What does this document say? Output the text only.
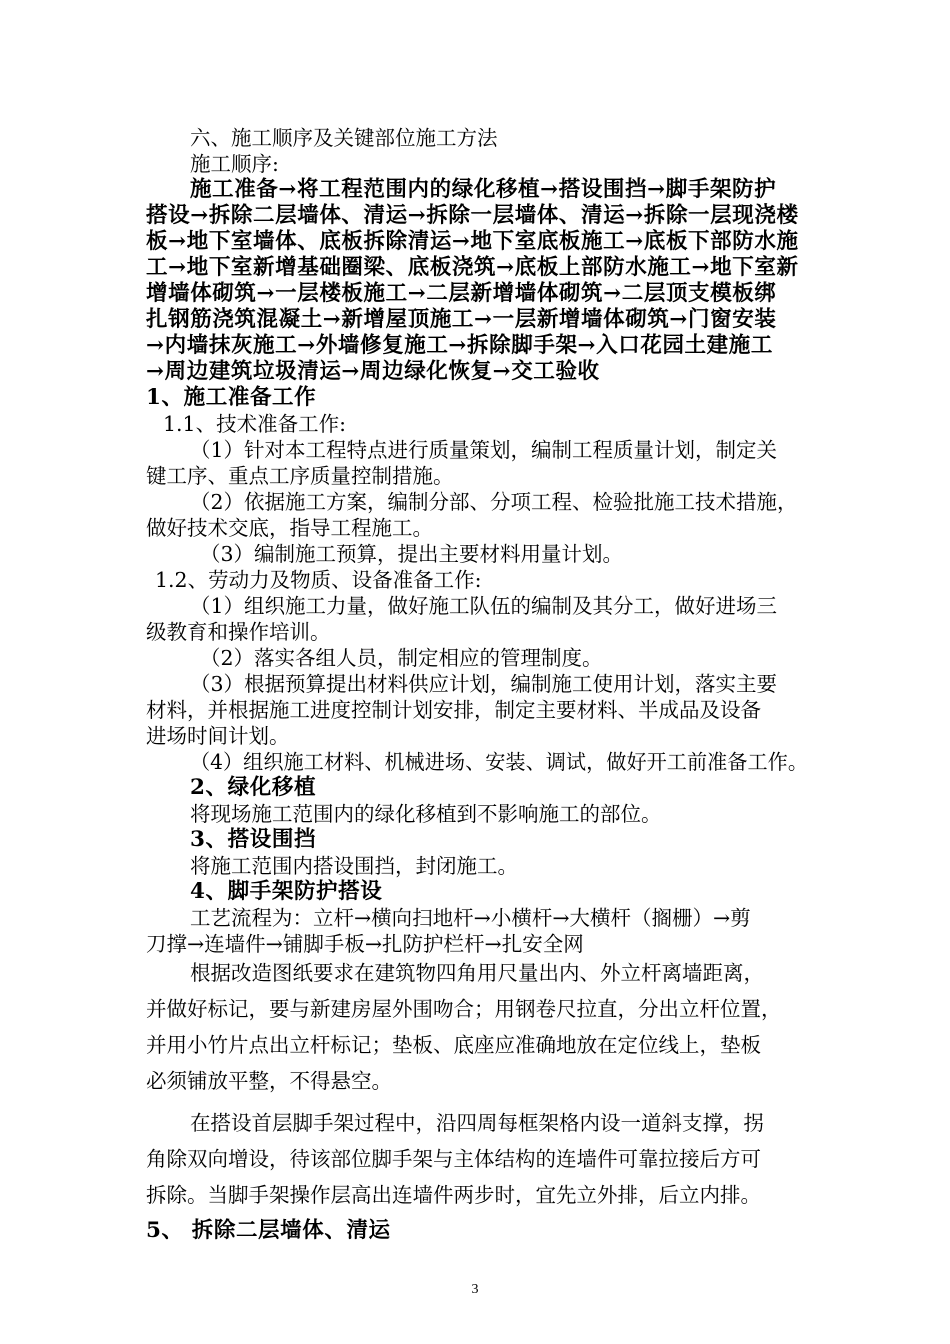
六、施工顺序及关键部位施工方法
施工顺序:
施工准备→将工程范围内的绿化移植→搭设围挡→脚手架防护
搭设→拆除二层墙体、清运→拆除一层墙体、清运→拆除一层现浇楼
板→地下室墙体、底板拆除清运→地下室底板施工→底板下部防水施
工→地下室新增基础圈梁、底板浇筑→底板上部防水施工→地下室新
增墙体砌筑→一层楼板施工→二层新增墙体砌筑→二层顶支模板绑
扎钢筋浇筑混凝土→新增屋顶施工→一层新增墙体砌筑→门窗安装
→内墙抹灰施工→外墙修复施工→拆除脚手架→入口花园土建施工
→周边建筑垃圾清运→周边绿化恢复→交工验收
1、施工准备工作
1.1、技术准备工作:
（1）针对本工程特点进行质量策划，编制工程质量计划，制定关
键工序、重点工序质量控制措施。
（2）依据施工方案，编制分部、分项工程、检验批施工技术措施，
做好技术交底，指导工程施工。
（3）编制施工预算，提出主要材料用量计划。
1.2、劳动力及物质、设备准备工作:
（1）组织施工力量，做好施工队伍的编制及其分工，做好进场三
级教育和操作培训。
（2）落实各组人员，制定相应的管理制度。
（3）根据预算提出材料供应计划，编制施工使用计划，落实主要
材料，并根据施工进度控制计划安排，制定主要材料、半成品及设备
进场时间计划。
（4）组织施工材料、机械进场、安装、调试，做好开工前准备工作。
2、绿化移植
将现场施工范围内的绿化移植到不影响施工的部位。
3、搭设围挡
将施工范围内搭设围挡，封闭施工。
4、脚手架防护搭设
工艺流程为：立杆→横向扫地杆→小横杆→大横杆（搁栅）→剪
刀撑→连墙件→铺脚手板→扎防护栏杆→扎安全网
根据改造图纸要求在建筑物四角用尺量出内、外立杆离墙距离，
并做好标记，要与新建房屋外围吻合；用钢卷尺拉直，分出立杆位置，
并用小竹片点出立杆标记；垫板、底座应准确地放在定位线上，垫板
必须铺放平整，不得悬空。
在搭设首层脚手架过程中，沿四周每框架格内设一道斜支撑，拐
角除双向增设，待该部位脚手架与主体结构的连墙件可靠拉接后方可
拆除。当脚手架操作层高出连墙件两步时，宜先立外排，后立内排。
5、 拆除二层墙体、清运
3
